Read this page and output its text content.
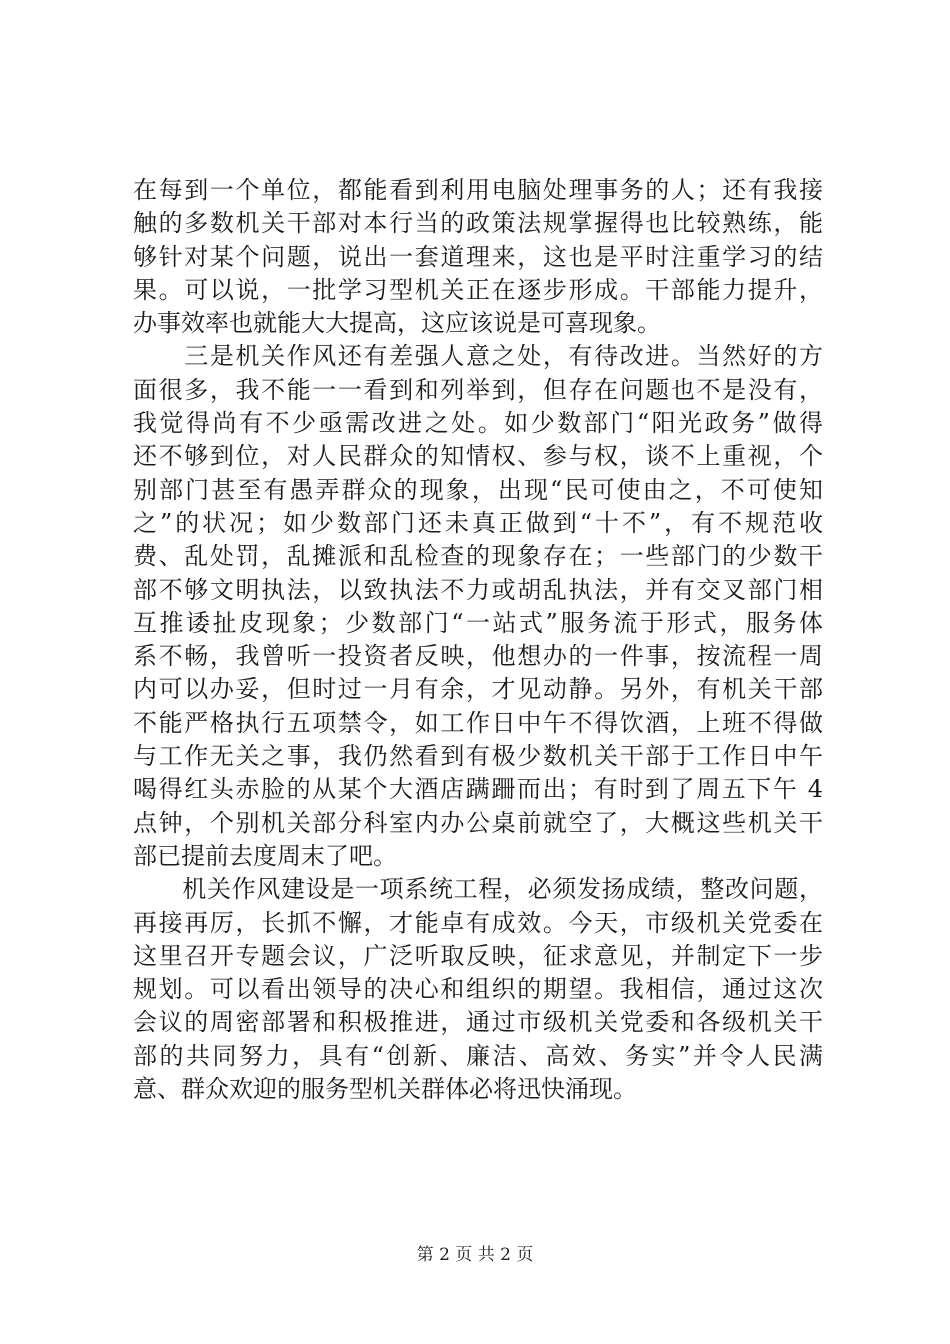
在每到一个单位，都能看到利用电脑处理事务的人；还有我接
触的多数机关干部对本行当的政策法规掌握得也比较熟练，能
够针对某个问题，说出一套道理来，这也是平时注重学习的结
果。可以说，一批学习型机关正在逐步形成。干部能力提升，
办事效率也就能大大提高，这应该说是可喜现象。
　　三是机关作风还有差强人意之处，有待改进。当然好的方
面很多，我不能一一看到和列举到，但存在问题也不是没有，
我觉得尚有不少亟需改进之处。如少数部门“阳光政务”做得
还不够到位，对人民群众的知情权、参与权，谈不上重视，个
别部门甚至有愚弄群众的现象，出现“民可使由之，不可使知
之”的状况；如少数部门还未真正做到“十不”，有不规范收
费、乱处罚，乱摊派和乱检查的现象存在；一些部门的少数干
部不够文明执法，以致执法不力或胡乱执法，并有交叉部门相
互推诿扯皮现象；少数部门“一站式”服务流于形式，服务体
系不畅，我曾听一投资者反映，他想办的一件事，按流程一周
内可以办妥，但时过一月有余，才见动静。另外，有机关干部
不能严格执行五项禁令，如工作日中午不得饮酒，上班不得做
与工作无关之事，我仍然看到有极少数机关干部于工作日中午
喝得红头赤脸的从某个大酒店蹒跚而出；有时到了周五下午 4
点钟，个别机关部分科室内办公桌前就空了，大概这些机关干
部已提前去度周末了吧。
　　机关作风建设是一项系统工程，必须发扬成绩，整改问题，
再接再厉，长抓不懈，才能卓有成效。今天，市级机关党委在
这里召开专题会议，广泛听取反映，征求意见，并制定下一步
规划。可以看出领导的决心和组织的期望。我相信，通过这次
会议的周密部署和积极推进，通过市级机关党委和各级机关干
部的共同努力，具有“创新、廉洁、高效、务实”并令人民满
意、群众欢迎的服务型机关群体必将迅快涌现。
第 2 页 共 2 页
